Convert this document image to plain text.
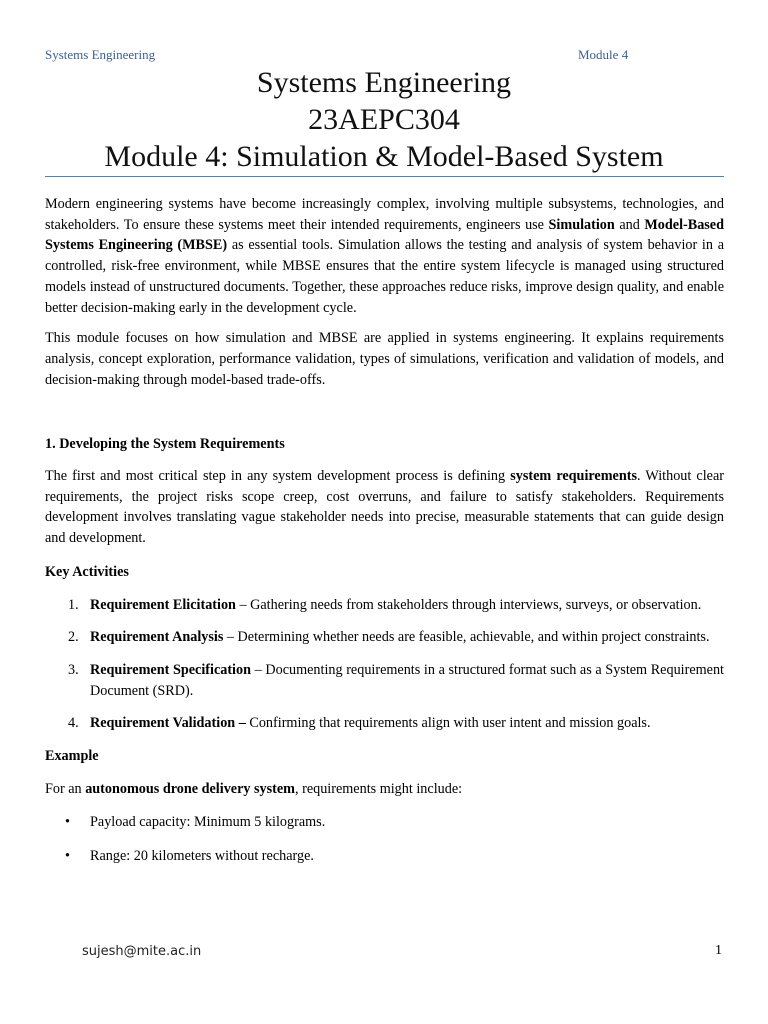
Systems Engineering	Module 4
Systems Engineering
23AEPC304
Module 4: Simulation & Model-Based System

Modern engineering systems have become increasingly complex, involving multiple subsystems, technologies, and stakeholders. To ensure these systems meet their intended requirements, engineers use Simulation and Model-Based Systems Engineering (MBSE) as essential tools. Simulation allows the testing and analysis of system behavior in a controlled, risk-free environment, while MBSE ensures that the entire system lifecycle is managed using structured models instead of unstructured documents. Together, these approaches reduce risks, improve design quality, and enable better decision-making early in the development cycle.

This module focuses on how simulation and MBSE are applied in systems engineering. It explains requirements analysis, concept exploration, performance validation, types of simulations, verification and validation of models, and decision-making through model-based trade-offs.

1. Developing the System Requirements

The first and most critical step in any system development process is defining system requirements. Without clear requirements, the project risks scope creep, cost overruns, and failure to satisfy stakeholders. Requirements development involves translating vague stakeholder needs into precise, measurable statements that can guide design and development.

Key Activities

1. Requirement Elicitation – Gathering needs from stakeholders through interviews, surveys, or observation.
2. Requirement Analysis – Determining whether needs are feasible, achievable, and within project constraints.
3. Requirement Specification – Documenting requirements in a structured format such as a System Requirement Document (SRD).
4. Requirement Validation – Confirming that requirements align with user intent and mission goals.

Example

For an autonomous drone delivery system, requirements might include:

• Payload capacity: Minimum 5 kilograms.
• Range: 20 kilometers without recharge.
sujesh@mite.ac.in	1
